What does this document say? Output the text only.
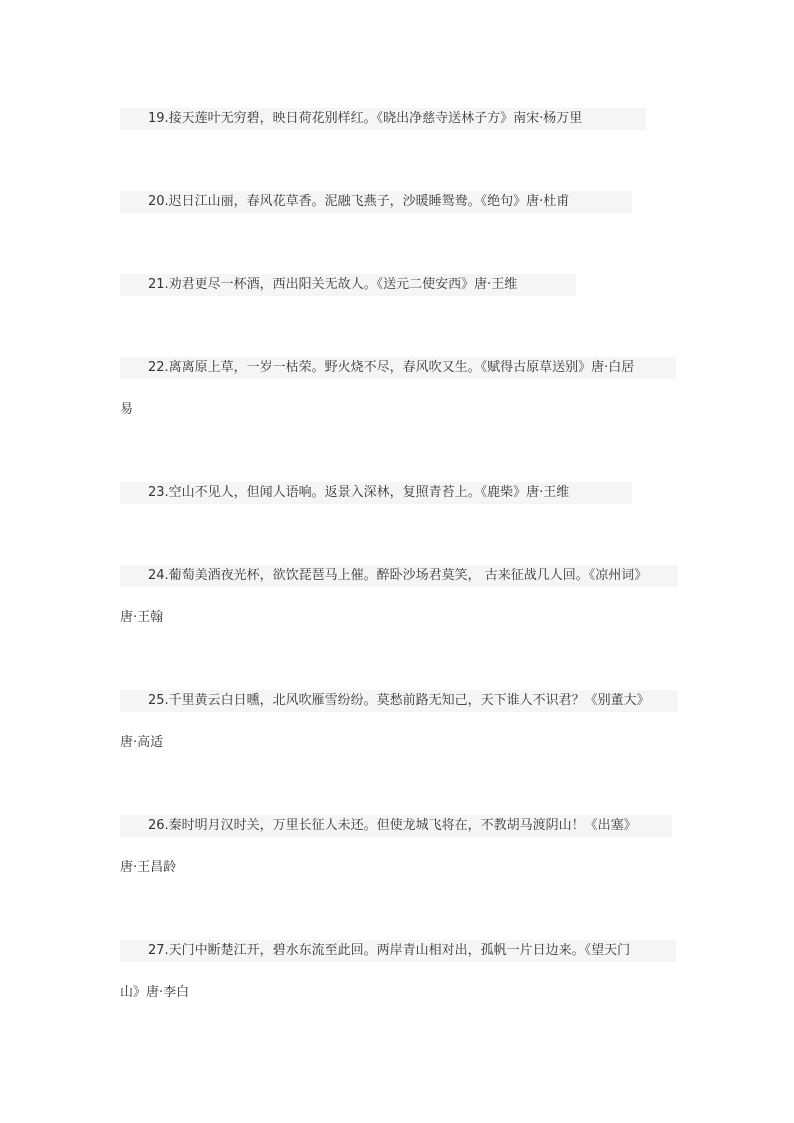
19.接天莲叶无穷碧，映日荷花别样红。《晓出净慈寺送林子方》南宋·杨万里
20.迟日江山丽，春风花草香。泥融飞燕子，沙暖睡鸳鸯。《绝句》唐·杜甫
21.劝君更尽一杯酒，西出阳关无故人。《送元二使安西》唐·王维
22.离离原上草，一岁一枯荣。野火烧不尽，春风吹又生。《赋得古原草送别》唐·白居
易
23.空山不见人，但闻人语响。返景入深林，复照青苔上。《鹿柴》唐·王维
24.葡萄美酒夜光杯，欲饮琵琶马上催。醉卧沙场君莫笑， 古来征战几人回。《凉州词》
唐·王翰
25.千里黄云白日曛，北风吹雁雪纷纷。莫愁前路无知己，天下谁人不识君？《别董大》
唐·高适
26.秦时明月汉时关，万里长征人未还。但使龙城飞将在，不教胡马渡阴山！《出塞》
唐·王昌龄
27.天门中断楚江开，碧水东流至此回。两岸青山相对出，孤帆一片日边来。《望天门
山》唐·李白
